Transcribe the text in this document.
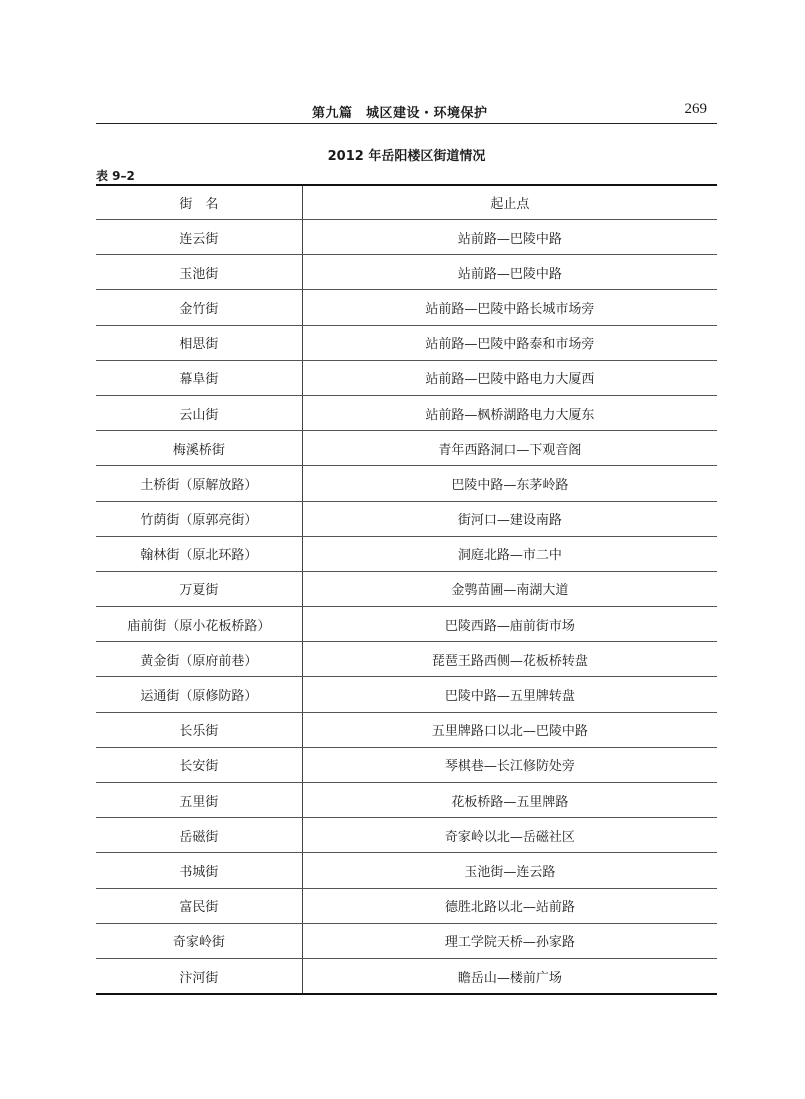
第九篇　城区建设・环境保护	269
2012 年岳阳楼区街道情况
表 9–2
街　名	起止点
连云街	站前路—巴陵中路
玉池街	站前路—巴陵中路
金竹街	站前路—巴陵中路长城市场旁
相思街	站前路—巴陵中路泰和市场旁
幕阜街	站前路—巴陵中路电力大厦西
云山街	站前路—枫桥湖路电力大厦东
梅溪桥街	青年西路洞口—下观音阁
土桥街（原解放路）	巴陵中路—东茅岭路
竹荫街（原郭亮街）	街河口—建设南路
翰林街（原北环路）	洞庭北路—市二中
万夏街	金鹗苗圃—南湖大道
庙前街（原小花板桥路）	巴陵西路—庙前街市场
黄金街（原府前巷）	琵琶王路西侧—花板桥转盘
运通街（原修防路）	巴陵中路—五里牌转盘
长乐街	五里牌路口以北—巴陵中路
长安街	琴棋巷—长江修防处旁
五里街	花板桥路—五里牌路
岳磁街	奇家岭以北—岳磁社区
书城街	玉池街—连云路
富民街	德胜北路以北—站前路
奇家岭街	理工学院天桥—孙家路
汴河街	瞻岳山—楼前广场
